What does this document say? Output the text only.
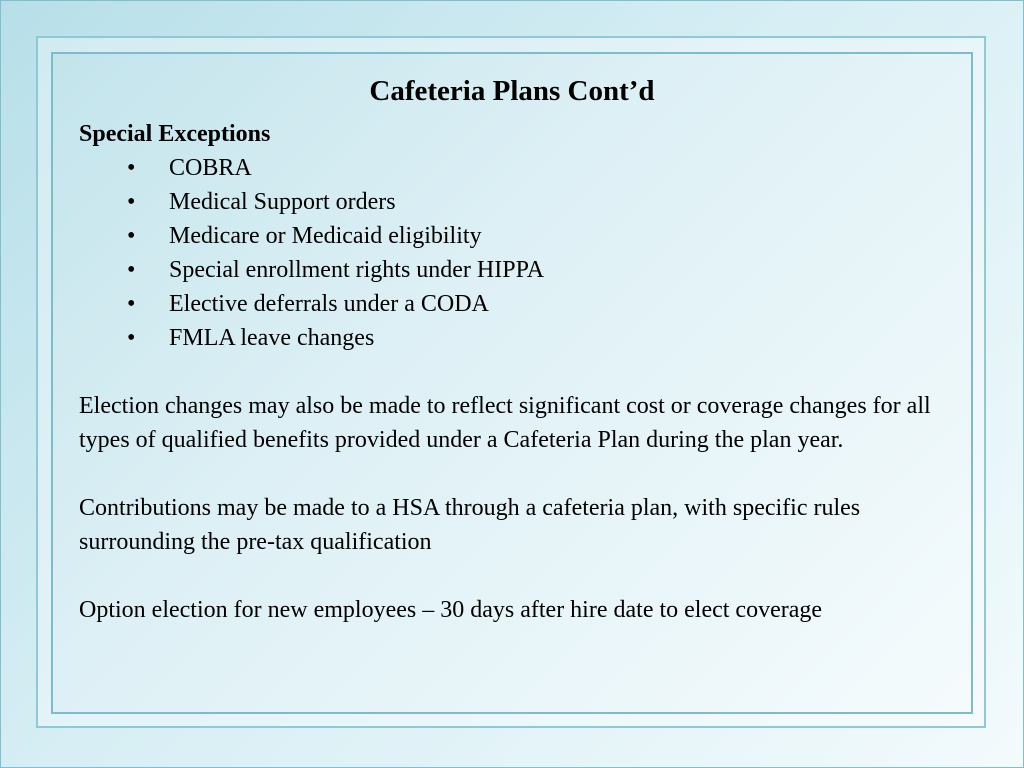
Cafeteria Plans Cont’d

Special Exceptions

• COBRA
• Medical Support orders
• Medicare or Medicaid eligibility
• Special enrollment rights under HIPPA
• Elective deferrals under a CODA
• FMLA leave changes

Election changes may also be made to reflect significant cost or coverage changes for all types of qualified benefits provided under a Cafeteria Plan during the plan year.

Contributions may be made to a HSA through a cafeteria plan, with specific rules surrounding the pre-tax qualification

Option election for new employees – 30 days after hire date to elect coverage
